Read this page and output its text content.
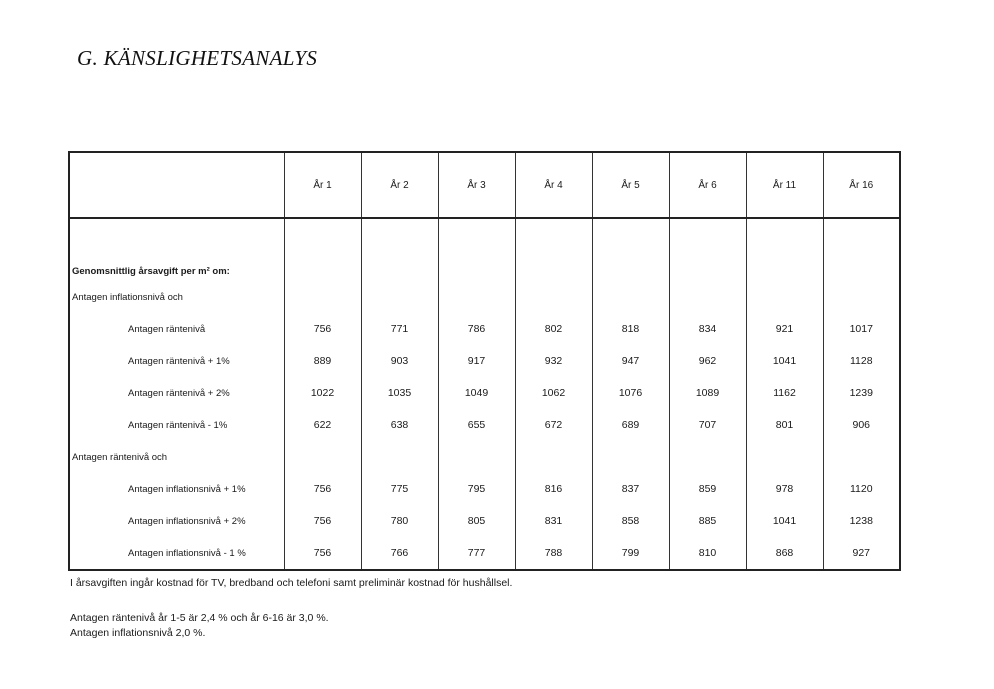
G. KÄNSLIGHETSANALYS
	År 1	År 2	År 3	År 4	År 5	År 6	År 11	År 16
Genomsnittlig årsavgift per m² om:								
Antagen inflationsnivå och								
Antagen räntenivå	756	771	786	802	818	834	921	1017
Antagen räntenivå + 1%	889	903	917	932	947	962	1041	1128
Antagen räntenivå + 2%	1022	1035	1049	1062	1076	1089	1162	1239
Antagen räntenivå - 1%	622	638	655	672	689	707	801	906
Antagen räntenivå och								
Antagen inflationsnivå + 1%	756	775	795	816	837	859	978	1120
Antagen inflationsnivå + 2%	756	780	805	831	858	885	1041	1238
Antagen inflationsnivå - 1 %	756	766	777	788	799	810	868	927
I årsavgiften ingår kostnad för TV, bredband och telefoni samt preliminär kostnad för hushållsel.
Antagen räntenivå år 1-5 är 2,4 % och år 6-16 är 3,0 %.
Antagen inflationsnivå 2,0 %.
